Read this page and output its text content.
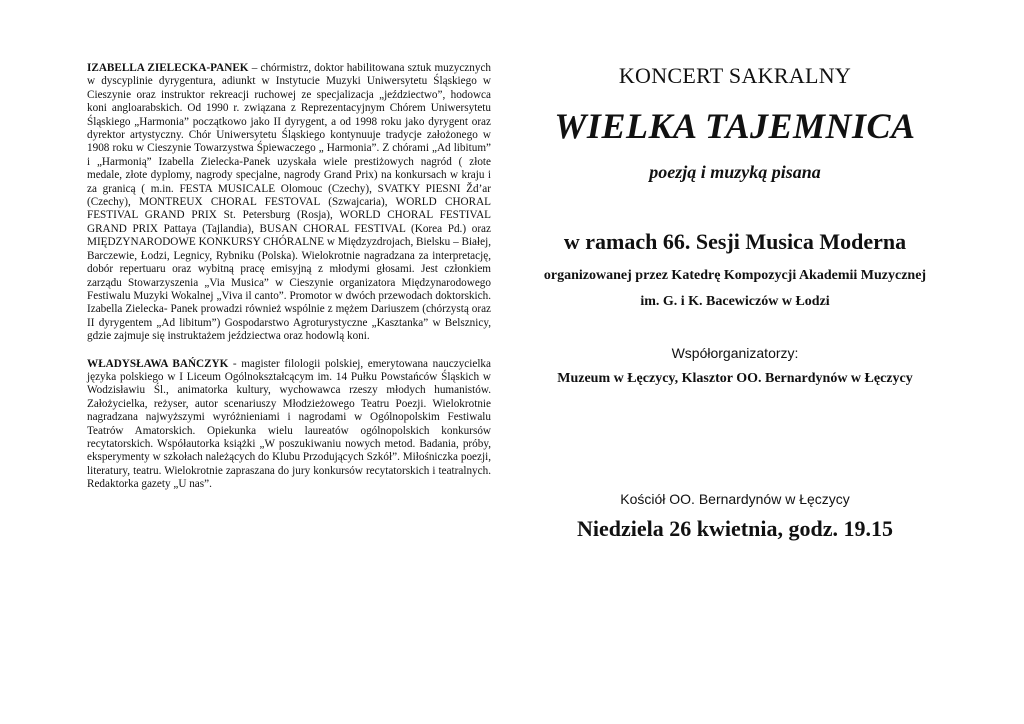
IZABELLA ZIELECKA-PANEK – chórmistrz, doktor habilitowana sztuk muzycznych w dyscyplinie dyrygentura, adiunkt w Instytucie Muzyki Uniwersytetu Śląskiego w Cieszynie oraz instruktor rekreacji ruchowej ze specjalizacja „jeździectwo”, hodowca koni angloarabskich. Od 1990 r. związana z Reprezentacyjnym Chórem Uniwersytetu Śląskiego „Harmonia” początkowo jako II dyrygent, a od 1998 roku jako dyrygent oraz dyrektor artystyczny. Chór Uniwersytetu Śląskiego kontynuuje tradycje założonego w 1908 roku w Cieszynie Towarzystwa Śpiewaczego „ Harmonia”. Z chórami „Ad libitum” i „Harmonią” Izabella Zielecka-Panek uzyskała wiele prestiżowych nagród ( złote medale, złote dyplomy, nagrody specjalne, nagrody Grand Prix) na konkursach w kraju i za granicą ( m.in. FESTA MUSICALE Olomouc (Czechy), SVATKY PIESNI Žd’ar (Czechy), MONTREUX CHORAL FESTOVAL (Szwajcaria), WORLD CHORAL FESTIVAL GRAND PRIX St. Petersburg (Rosja), WORLD CHORAL FESTIVAL GRAND PRIX Pattaya (Tajlandia), BUSAN CHORAL FESTIVAL (Korea Pd.) oraz MIĘDZYNARODOWE KONKURSY CHÓRALNE w Międzyzdrojach, Bielsku – Białej, Barczewie, Łodzi, Legnicy, Rybniku (Polska). Wielokrotnie nagradzana za interpretację, dobór repertuaru oraz wybitną pracę emisyjną z młodymi głosami. Jest członkiem zarządu Stowarzyszenia „Via Musica” w Cieszynie organizatora Międzynarodowego Festiwalu Muzyki Wokalnej „Viva il canto”. Promotor w dwóch przewodach doktorskich. Izabella Zielecka- Panek prowadzi również wspólnie z mężem Dariuszem (chórzystą oraz II dyrygentem „Ad libitum”) Gospodarstwo Agroturystyczne „Kasztanka” w Belsznicy, gdzie zajmuje się instruktażem jeździectwa oraz hodowlą koni.

WŁADYSŁAWA BAŃCZYK - magister filologii polskiej, emerytowana nauczycielka języka polskiego w I Liceum Ogólnokształcącym im. 14 Pułku Powstańców Śląskich w Wodzisławiu Śl., animatorka kultury, wychowawca rzeszy młodych humanistów. Założycielka, reżyser, autor scenariuszy Młodzieżowego Teatru Poezji. Wielokrotnie nagradzana najwyższymi wyróżnieniami i nagrodami w Ogólnopolskim Festiwalu Teatrów Amatorskich. Opiekunka wielu laureatów ogólnopolskich konkursów recytatorskich. Współautorka książki „W poszukiwaniu nowych metod. Badania, próby, eksperymenty w szkołach należących do Klubu Przodujących Szkół”. Miłośniczka poezji, literatury, teatru. Wielokrotnie zapraszana do jury konkursów recytatorskich i teatralnych. Redaktorka gazety „U nas”.

KONCERT SAKRALNY
WIELKA TAJEMNICA
poezją i muzyką pisana
w ramach 66. Sesji Musica Moderna
organizowanej przez Katedrę Kompozycji Akademii Muzycznej
im. G. i K. Bacewiczów w Łodzi
Współorganizatorzy:
Muzeum w Łęczycy, Klasztor OO. Bernardynów w Łęczycy
Kościół OO. Bernardynów w Łęczycy
Niedziela 26 kwietnia, godz. 19.15
